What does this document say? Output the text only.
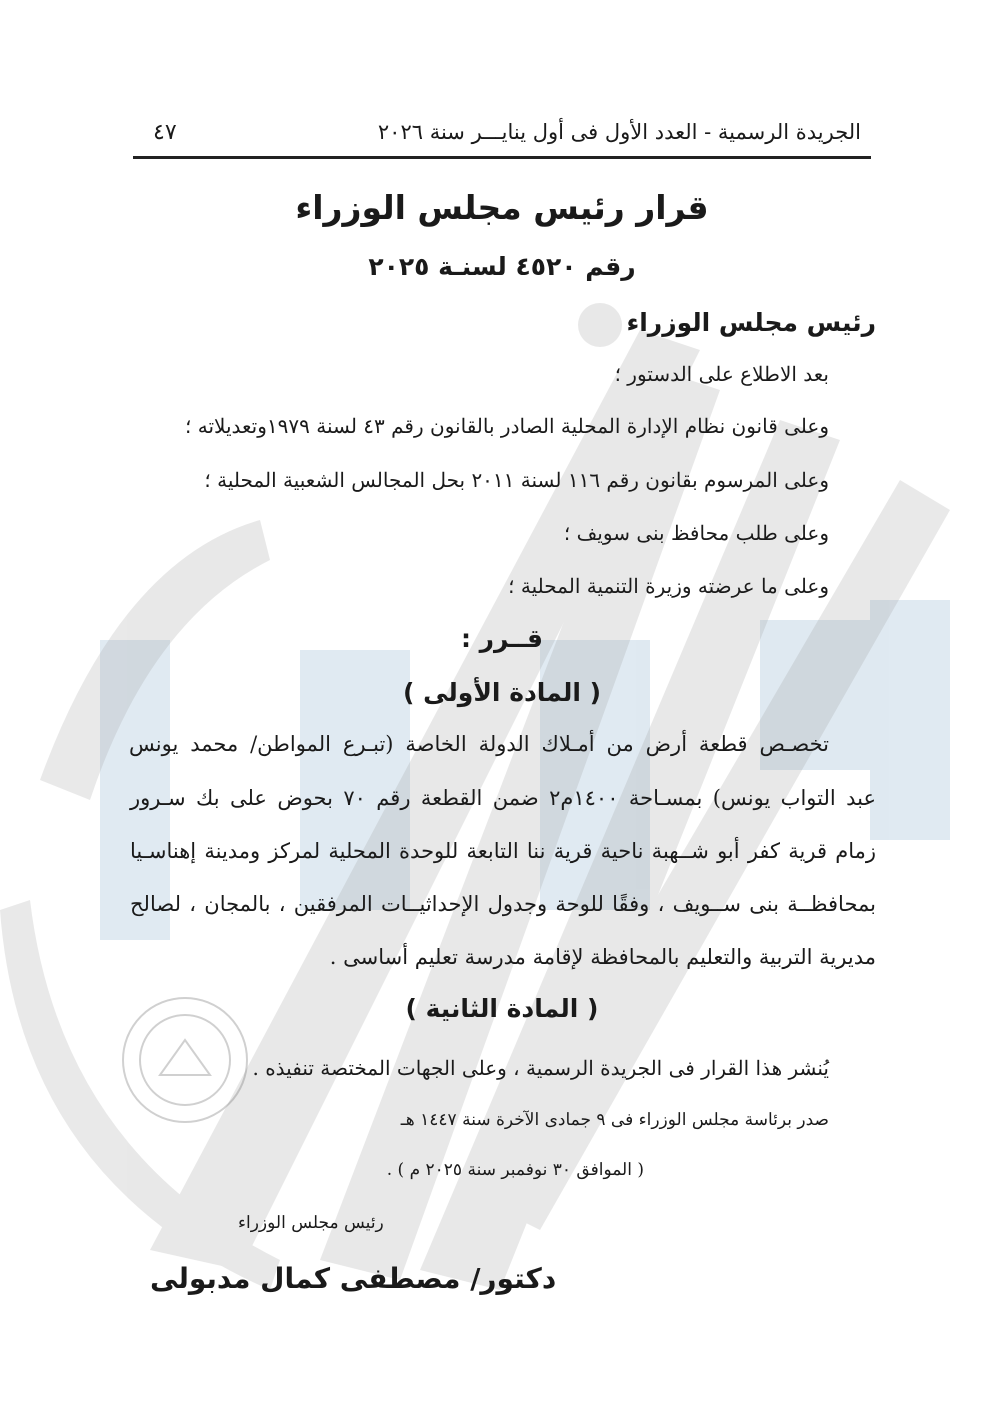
الجريدة الرسمية - العدد الأول فى أول ينايـــر سنة ٢٠٢٦
٤٧
قرار رئيس مجلس الوزراء
رقم ٤٥٢٠ لسنـة ٢٠٢٥
رئيس مجلس الوزراء
بعد الاطلاع على الدستور ؛
وعلى قانون نظام الإدارة المحلية الصادر بالقانون رقم ٤٣ لسنة ١٩٧٩وتعديلاته ؛
وعلى المرسوم بقانون رقم ١١٦ لسنة ٢٠١١ بحل المجالس الشعبية المحلية ؛
وعلى طلب محافظ بنى سويف ؛
وعلى ما عرضته وزيرة التنمية المحلية ؛
قــرر :
( المادة الأولى )
تخصـص قطعة أرض من أمـلاك الدولة الخاصة (تبـرع المواطن/ محمد يونس
عبد التواب يونس) بمسـاحة ١٤٠٠م٢ ضمن القطعة رقم ٧٠ بحوض على بك سـرور
زمام قرية كفر أبو شــهبة ناحية قرية ننا التابعة للوحدة المحلية لمركز ومدينة إهناسـيا
بمحافظــة بنى ســويف ، وفقًا للوحة وجدول الإحداثيــات المرفقين ، بالمجان ، لصالح
مديرية التربية والتعليم بالمحافظة لإقامة مدرسة تعليم أساسى .
( المادة الثانية )
يُنشر هذا القرار فى الجريدة الرسمية ، وعلى الجهات المختصة تنفيذه .
صدر برئاسة مجلس الوزراء فى ٩ جمادى الآخرة سنة ١٤٤٧ هـ
( الموافق ٣٠ نوفمبر سنة ٢٠٢٥ م ) .
رئيس مجلس الوزراء
دكتور/ مصطفى كمال مدبولى
